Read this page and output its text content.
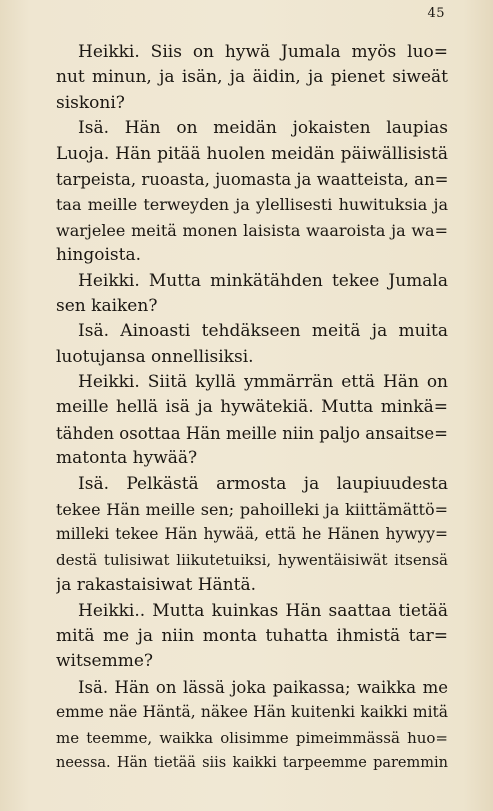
45
Heikki. Siis on hywä Jumala myös luo=
nut minun, ja isän, ja äidin, ja pienet siweät
siskoni?
Isä. Hän on meidän jokaisten laupias
Luoja. Hän pitää huolen meidän päiwällisistä
tarpeista, ruoasta, juomasta ja waatteista, an=
taa meille terweyden ja ylellisesti huwituksia ja
warjelee meitä monen laisista waaroista ja wa=
hingoista.
Heikki. Mutta minkätähden tekee Jumala
sen kaiken?
Isä. Ainoasti tehdäkseen meitä ja muita
luotujansa onnellisiksi.
Heikki. Siitä kyllä ymmärrän että Hän on
meille hellä isä ja hywätekiä. Mutta minkä=
tähden osottaa Hän meille niin paljo ansaitse=
matonta hywää?
Isä. Pelkästä armosta ja laupiuudesta
tekee Hän meille sen; pahoilleki ja kiittämättö=
milleki tekee Hän hywää, että he Hänen hywyy=
destä tulisiwat liikutetuiksi, hywentäisiwät itsensä
ja rakastaisiwat Häntä.
Heikki.. Mutta kuinkas Hän saattaa tietää
mitä me ja niin monta tuhatta ihmistä tar=
witsemme?
Isä. Hän on lässä joka paikassa; waikka me
emme näe Häntä, näkee Hän kuitenki kaikki mitä
me teemme, waikka olisimme pimeimmässä huo=
neessa. Hän tietää siis kaikki tarpeemme paremmin
